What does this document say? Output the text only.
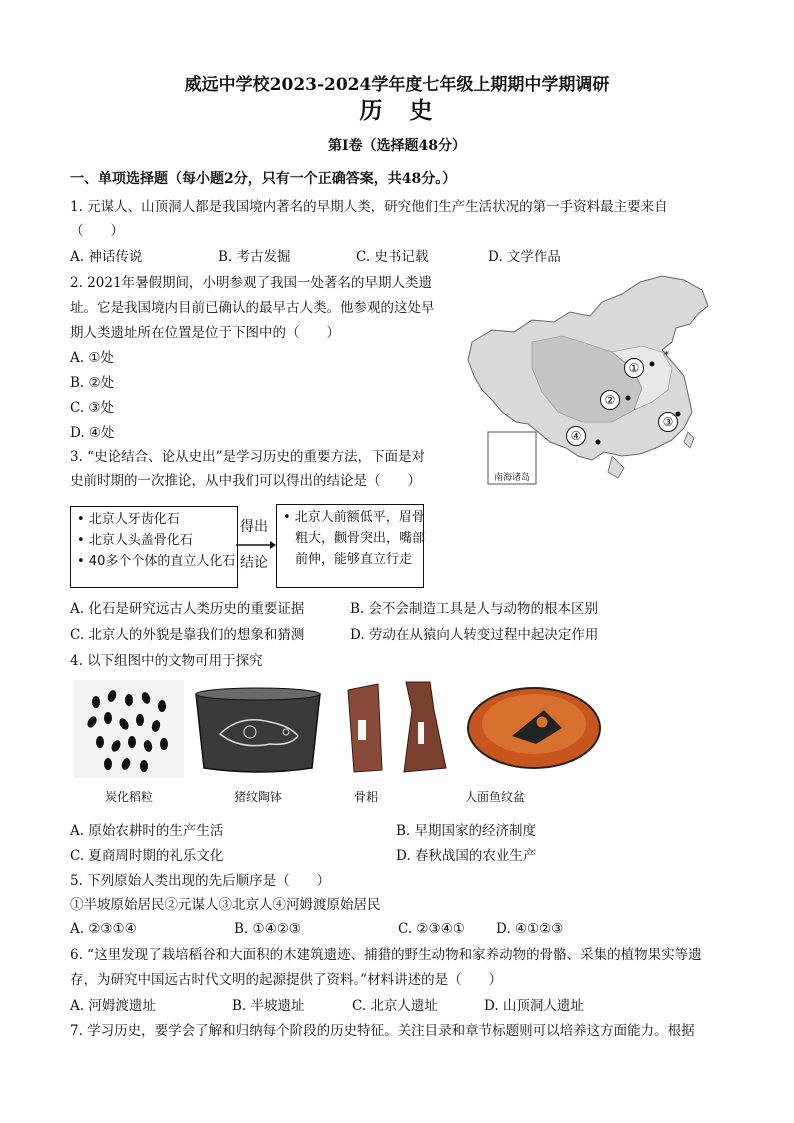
威远中学校2023-2024学年度七年级上期期中学期调研
历　史
第Ⅰ卷（选择题48分）
一、单项选择题（每小题2分，只有一个正确答案，共48分。）
1. 元谋人、山顶洞人都是我国境内著名的早期人类，研究他们生产生活状况的第一手资料最主要来自
（　　）
A. 神话传说	B. 考古发掘	C. 史书记载	D. 文学作品
2. 2021年暑假期间，小明参观了我国一处著名的早期人类遗
址。它是我国境内目前已确认的最早古人类。他参观的这处早
期人类遗址所在位置是位于下图中的（　　）
A. ①处
B. ②处
C. ③处
D. ④处
*
①
②
③
④
南海诸岛
3. “史论结合、论从史出”是学习历史的重要方法，下面是对
史前时期的一次推论，从中我们可以得出的结论是（　　）
• 北京人牙齿化石
• 北京人头盖骨化石
• 40多个个体的直立人化石
得出
结论
• 北京人前额低平，眉骨
粗大，颧骨突出，嘴部
前伸，能够直立行走
A. 化石是研究远古人类历史的重要证据	B. 会不会制造工具是人与动物的根本区别
C. 北京人的外貌是靠我们的想象和猜测	D. 劳动在从猿向人转变过程中起决定作用
4. 以下组图中的文物可用于探究
炭化稻粒	猪纹陶钵	骨耜	人面鱼纹盆
A. 原始农耕时的生产生活	B. 早期国家的经济制度
C. 夏商周时期的礼乐文化	D. 春秋战国的农业生产
5. 下列原始人类出现的先后顺序是（　　）
①半坡原始居民②元谋人③北京人④河姆渡原始居民
A. ②③①④	B. ①④②③	C. ②③④① D. ④①②③
6. “这里发现了栽培稻谷和大面积的木建筑遗迹、捕猎的野生动物和家养动物的骨骼、采集的植物果实等遗
存，为研究中国远古时代文明的起源提供了资料。”材料讲述的是（　　）
A. 河姆渡遗址	B. 半坡遗址	C. 北京人遗址	D. 山顶洞人遗址
7. 学习历史，要学会了解和归纳每个阶段的历史特征。关注目录和章节标题则可以培养这方面能力。根据
